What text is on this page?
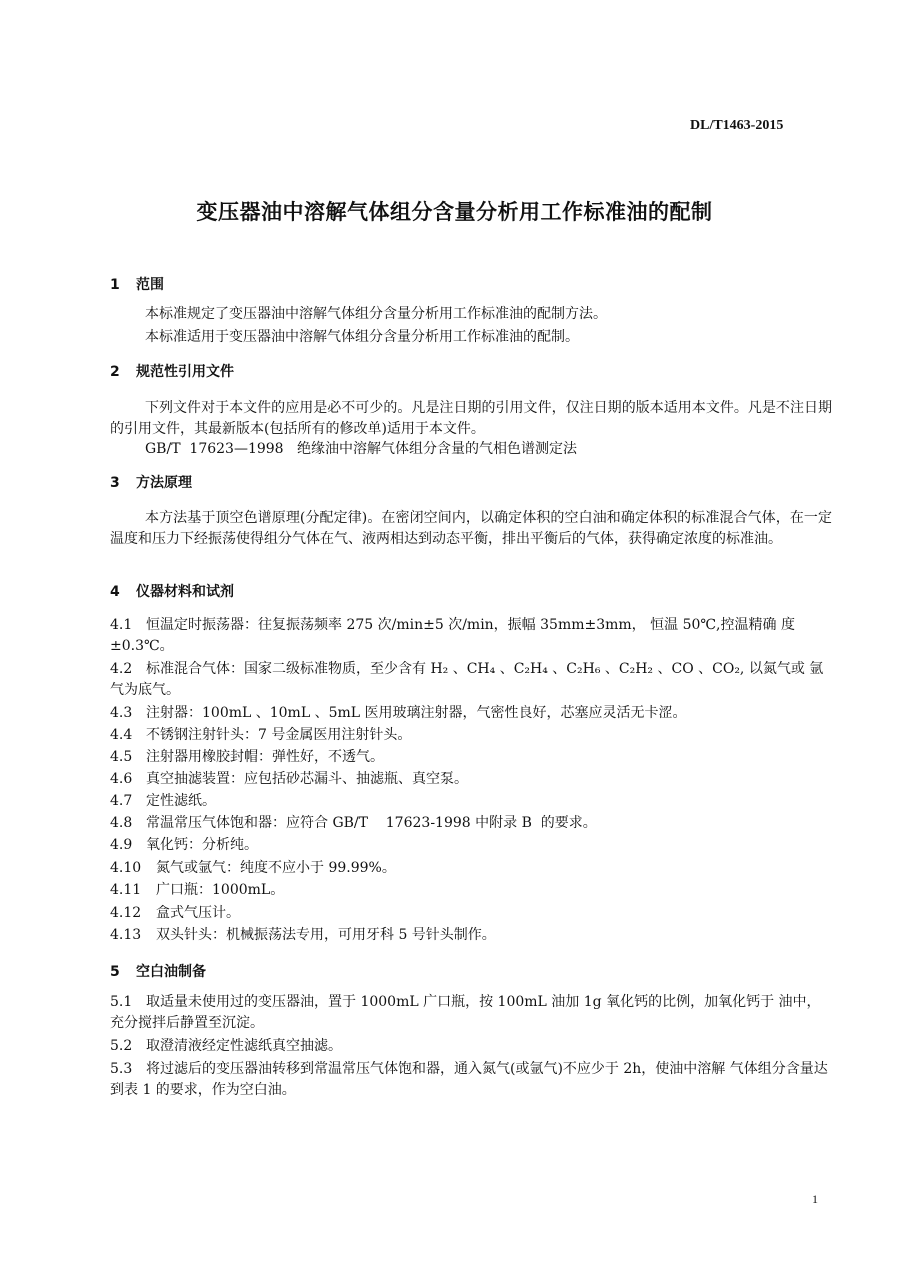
DL/T1463-2015
变压器油中溶解气体组分含量分析用工作标准油的配制
1 范围
本标准规定了变压器油中溶解气体组分含量分析用工作标准油的配制方法。
本标准适用于变压器油中溶解气体组分含量分析用工作标准油的配制。
2 规范性引用文件
下列文件对于本文件的应用是必不可少的。凡是注日期的引用文件，仅注日期的版本适用本文件。凡是不注日期的引用文件，其最新版本(包括所有的修改单)适用于本文件。
GB/T  17623—1998   绝缘油中溶解气体组分含量的气相色谱测定法
3 方法原理
本方法基于顶空色谱原理(分配定律)。在密闭空间内，以确定体积的空白油和确定体积的标准混合气体，在一定温度和压力下经振荡使得组分气体在气、液两相达到动态平衡，排出平衡后的气体，获得确定浓度的标准油。
4 仪器材料和试剂
4.1 恒温定时振荡器：往复振荡频率 275 次/min±5 次/min，振幅 35mm±3mm， 恒温 50℃,控温精确 度±0.3℃。
4.2 标准混合气体：国家二级标准物质，至少含有 H₂ 、CH₄ 、C₂H₄ 、C₂H₆ 、C₂H₂ 、CO 、CO₂, 以氮气或 氩气为底气。
4.3 注射器：100mL 、10mL 、5mL 医用玻璃注射器，气密性良好，芯塞应灵活无卡涩。
4.4 不锈钢注射针头：7 号金属医用注射针头。
4.5 注射器用橡胶封帽：弹性好，不透气。
4.6 真空抽滤装置：应包括砂芯漏斗、抽滤瓶、真空泵。
4.7 定性滤纸。
4.8 常温常压气体饱和器：应符合 GB/T    17623-1998 中附录 B  的要求。
4.9 氧化钙：分析纯。
4.10 氮气或氩气：纯度不应小于 99.99%。
4.11 广口瓶：1000mL。
4.12 盒式气压计。
4.13 双头针头：机械振荡法专用，可用牙科 5 号针头制作。
5 空白油制备
5.1 取适量未使用过的变压器油，置于 1000mL 广口瓶，按 100mL 油加 1g 氧化钙的比例，加氧化钙于 油中，充分搅拌后静置至沉淀。
5.2 取澄清液经定性滤纸真空抽滤。
5.3 将过滤后的变压器油转移到常温常压气体饱和器，通入氮气(或氩气)不应少于 2h，使油中溶解 气体组分含量达到表 1 的要求，作为空白油。
1
